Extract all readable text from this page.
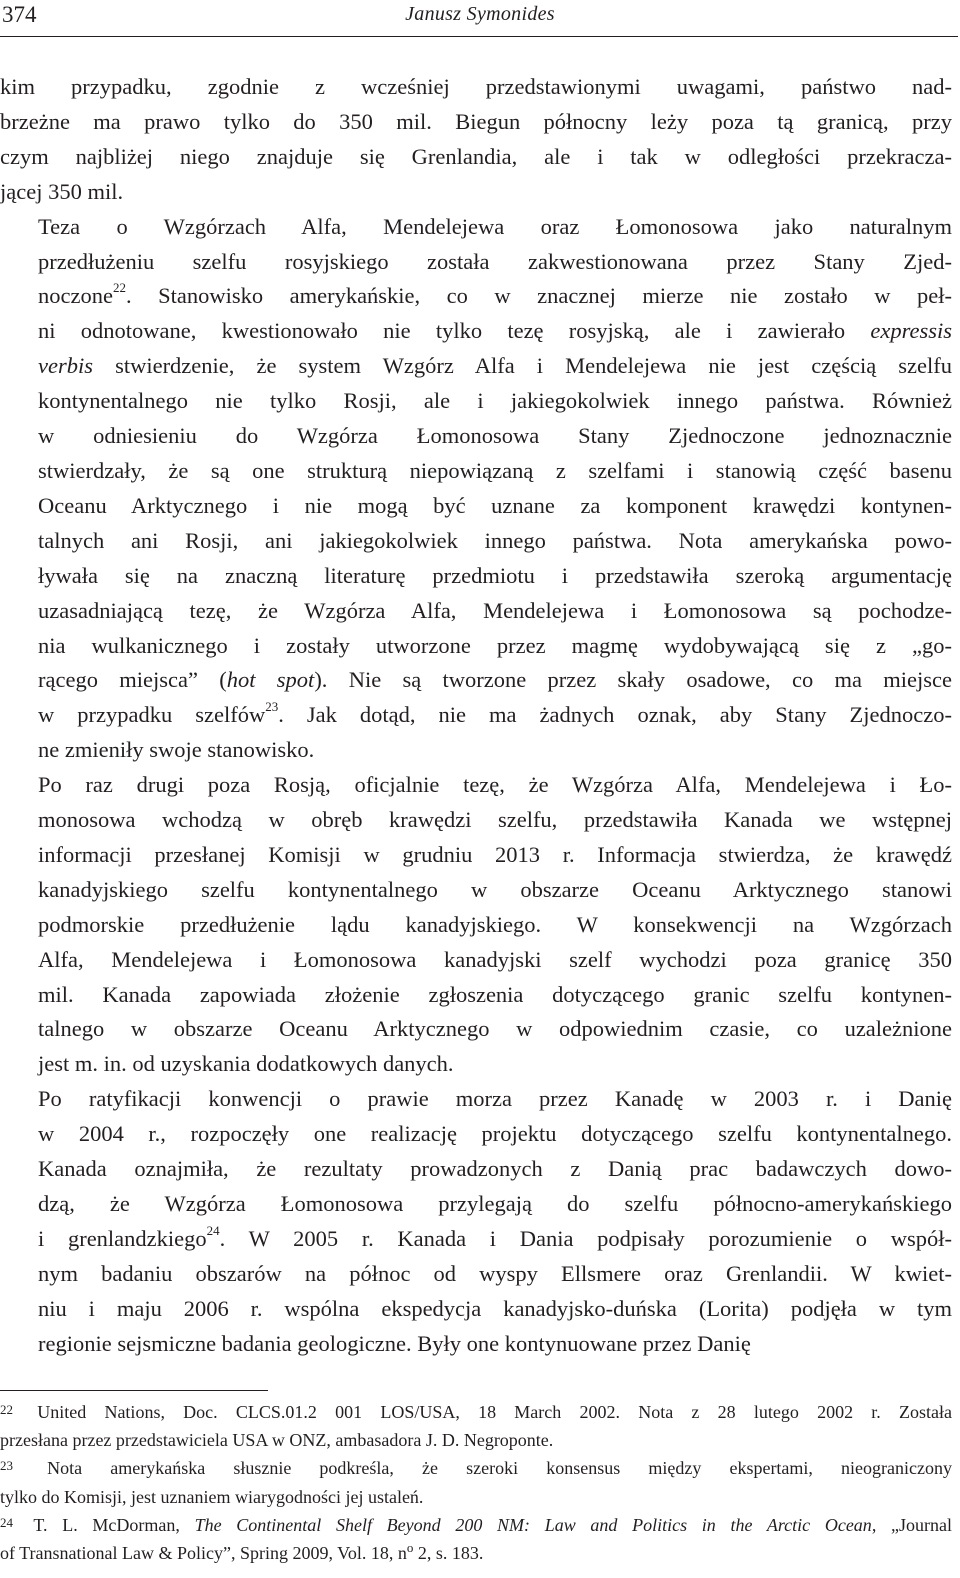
374	Janusz Symonides

kim przypadku, zgodnie z wcześniej przedstawionymi uwagami, państwo nad-
brzeżne ma prawo tylko do 350 mil. Biegun północny leży poza tą granicą, przy
czym najbliżej niego znajduje się Grenlandia, ale i tak w odległości przekracza-
jącej 350 mil.

Teza o Wzgórzach Alfa, Mendelejewa oraz Łomonosowa jako naturalnym
przedłużeniu szelfu rosyjskiego została zakwestionowana przez Stany Zjed-
noczone$^{22}$. Stanowisko amerykańskie, co w znacznej mierze nie zostało w peł-
ni odnotowane, kwestionowało nie tylko tezę rosyjską, ale i zawierało expressis
verbis stwierdzenie, że system Wzgórz Alfa i Mendelejewa nie jest częścią szelfu
kontynentalnego nie tylko Rosji, ale i jakiegokolwiek innego państwa. Również
w odniesieniu do Wzgórza Łomonosowa Stany Zjednoczone jednoznacznie
stwierdzały, że są one strukturą niepowiązaną z szelfami i stanowią część basenu
Oceanu Arktycznego i nie mogą być uznane za komponent krawędzi kontynen-
talnych ani Rosji, ani jakiegokolwiek innego państwa. Nota amerykańska powo-
ływała się na znaczną literaturę przedmiotu i przedstawiła szeroką argumentację
uzasadniającą tezę, że Wzgórza Alfa, Mendelejewa i Łomonosowa są pochodze-
nia wulkanicznego i zostały utworzone przez magmę wydobywającą się z „go-
rącego miejsca” (hot spot). Nie są tworzone przez skały osadowe, co ma miejsce
w przypadku szelfów$^{23}$. Jak dotąd, nie ma żadnych oznak, aby Stany Zjednoczo-
ne zmieniły swoje stanowisko.

Po raz drugi poza Rosją, oficjalnie tezę, że Wzgórza Alfa, Mendelejewa i Ło-
monosowa wchodzą w obręb krawędzi szelfu, przedstawiła Kanada we wstępnej
informacji przesłanej Komisji w grudniu 2013 r. Informacja stwierdza, że krawędź
kanadyjskiego szelfu kontynentalnego w obszarze Oceanu Arktycznego stanowi
podmorskie przedłużenie lądu kanadyjskiego. W konsekwencji na Wzgórzach
Alfa, Mendelejewa i Łomonosowa kanadyjski szelf wychodzi poza granicę 350
mil. Kanada zapowiada złożenie zgłoszenia dotyczącego granic szelfu kontynen-
talnego w obszarze Oceanu Arktycznego w odpowiednim czasie, co uzależnione
jest m. in. od uzyskania dodatkowych danych.

Po ratyfikacji konwencji o prawie morza przez Kanadę w 2003 r. i Danię
w 2004 r., rozpoczęły one realizację projektu dotyczącego szelfu kontynentalnego.
Kanada oznajmiła, że rezultaty prowadzonych z Danią prac badawczych dowo-
dzą, że Wzgórza Łomonosowa przylegają do szelfu północno-amerykańskiego
i grenlandzkiego$^{24}$. W 2005 r. Kanada i Dania podpisały porozumienie o współ-
nym badaniu obszarów na północ od wyspy Ellsmere oraz Grenlandii. W kwiet-
niu i maju 2006 r. wspólna ekspedycja kanadyjsko-duńska (Lorita) podjęła w tym
regionie sejsmiczne badania geologiczne. Były one kontynuowane przez Danię

$^{22}$ United Nations, Doc. CLCS.01.2 001 LOS/USA, 18 March 2002. Nota z 28 lutego 2002 r. Została
przesłana przez przedstawiciela USA w ONZ, ambasadora J. D. Negroponte.
$^{23}$ Nota amerykańska słusznie podkreśla, że szeroki konsensus między ekspertami, nieograniczony
tylko do Komisji, jest uznaniem wiarygodności jej ustaleń.
$^{24}$ T. L. McDorman, The Continental Shelf Beyond 200 NM: Law and Politics in the Arctic Ocean, „Journal
of Transnational Law & Policy”, Spring 2009, Vol. 18, $n^o$ 2, s. 183.
